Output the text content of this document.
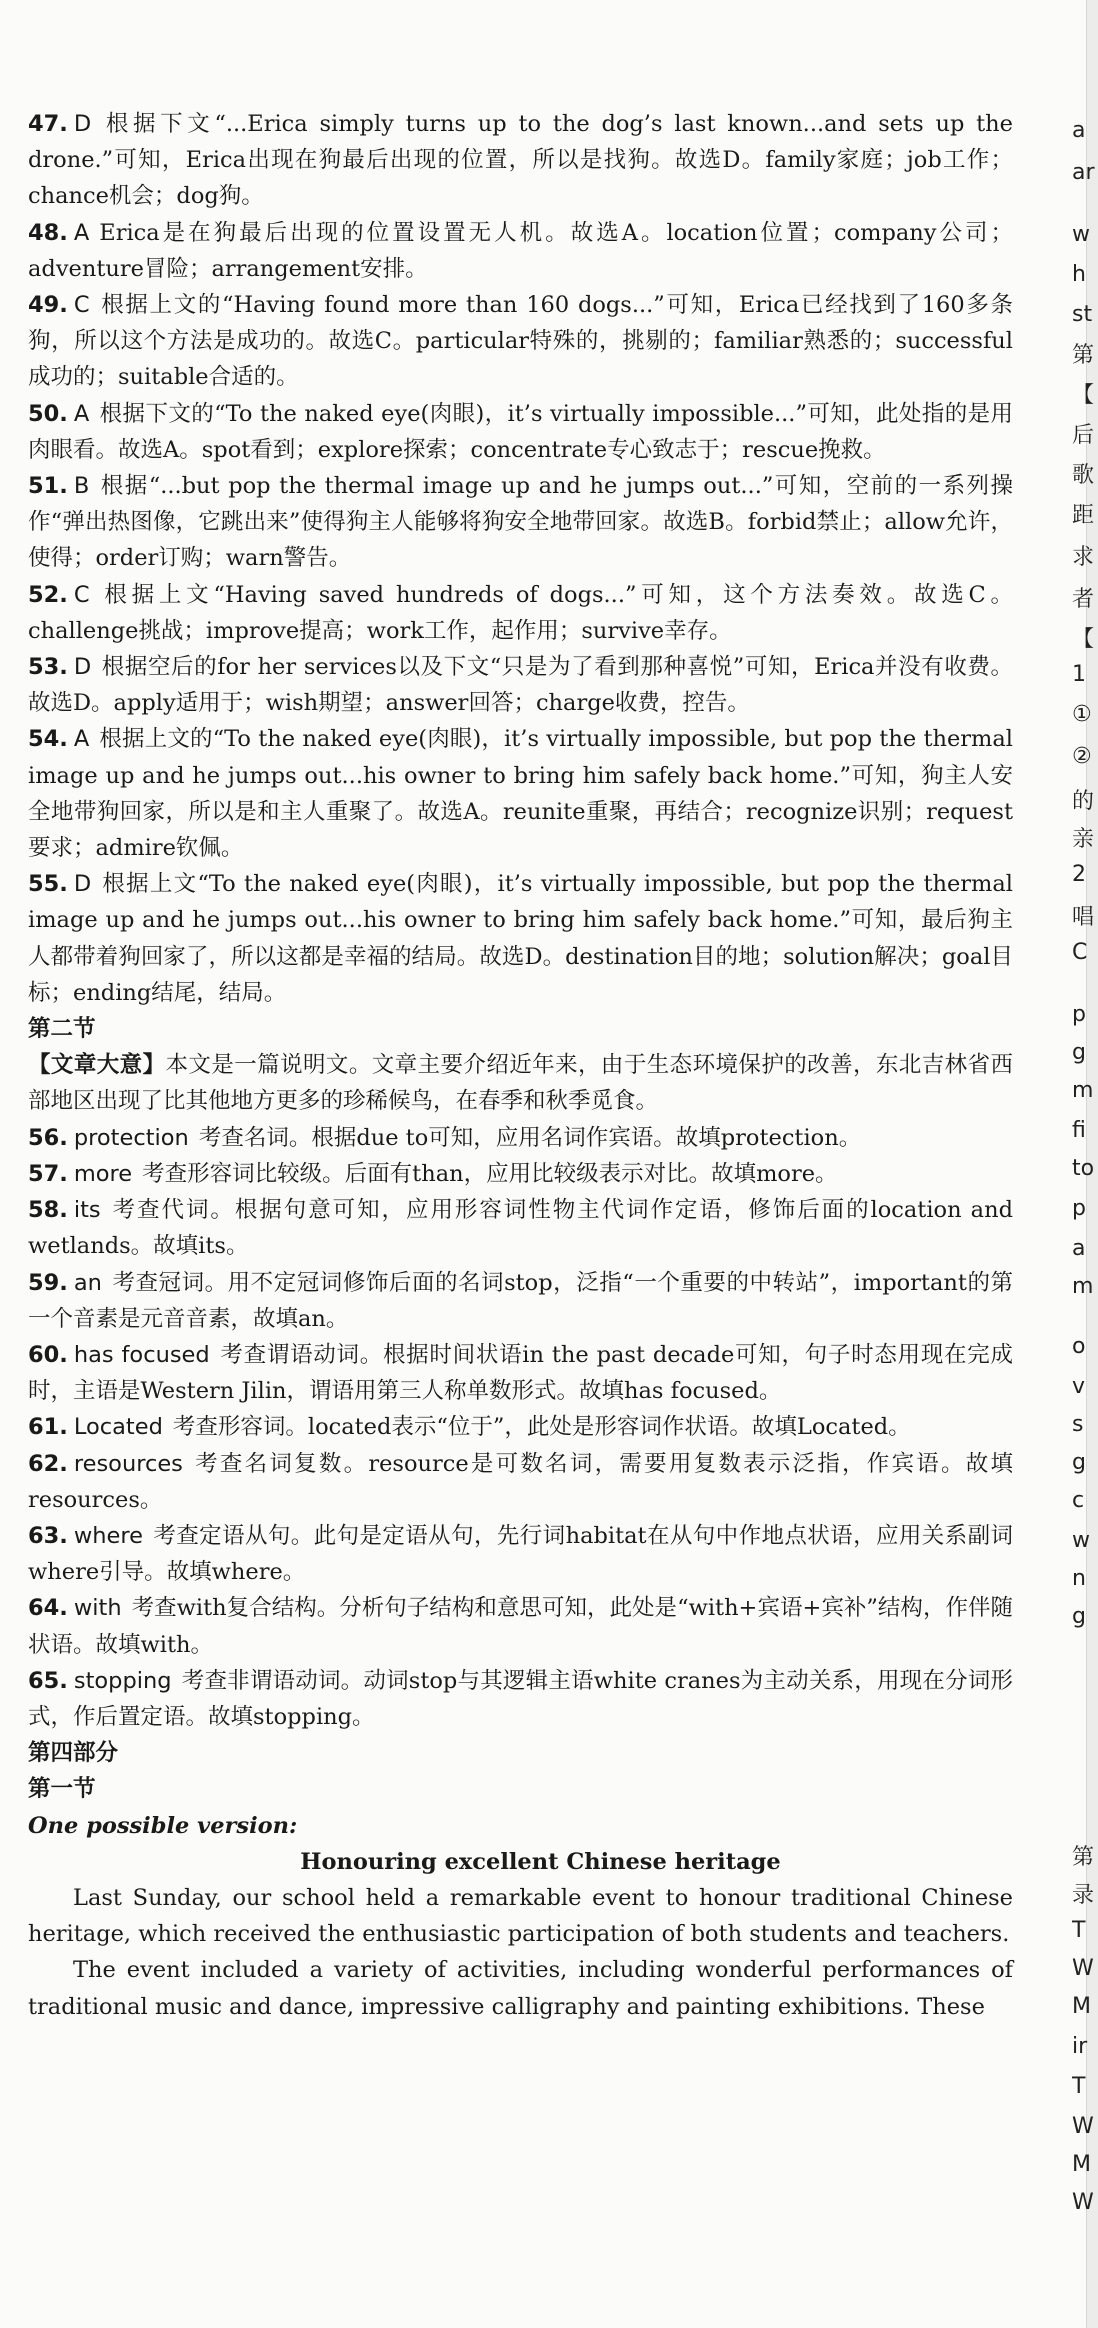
47. D 根据下文“...Erica simply turns up to the dog’s last known...and sets up the drone.”可知，Erica出现在狗最后出现的位置，所以是找狗。故选D。family家庭；job工作；chance机会；dog狗。

48. A Erica是在狗最后出现的位置设置无人机。故选A。location位置；company公司；adventure冒险；arrangement安排。

49. C 根据上文的“Having found more than 160 dogs...”可知，Erica已经找到了160多条狗，所以这个方法是成功的。故选C。particular特殊的，挑剔的；familiar熟悉的；successful成功的；suitable合适的。

50. A 根据下文的“To the naked eye(肉眼)，it’s virtually impossible...”可知，此处指的是用肉眼看。故选A。spot看到；explore探索；concentrate专心致志于；rescue挽救。

51. B 根据“...but pop the thermal image up and he jumps out...”可知，空前的一系列操作“弹出热图像，它跳出来”使得狗主人能够将狗安全地带回家。故选B。forbid禁止；allow允许，使得；order订购；warn警告。

52. C 根据上文“Having saved hundreds of dogs...”可知，这个方法奏效。故选C。challenge挑战；improve提高；work工作，起作用；survive幸存。

53. D 根据空后的for her services以及下文“只是为了看到那种喜悦”可知，Erica并没有收费。故选D。apply适用于；wish期望；answer回答；charge收费，控告。

54. A 根据上文的“To the naked eye(肉眼)，it’s virtually impossible, but pop the thermal image up and he jumps out...his owner to bring him safely back home.”可知，狗主人安全地带狗回家，所以是和主人重聚了。故选A。reunite重聚，再结合；recognize识别；request要求；admire钦佩。

55. D 根据上文“To the naked eye(肉眼)，it’s virtually impossible, but pop the thermal image up and he jumps out...his owner to bring him safely back home.”可知，最后狗主人都带着狗回家了，所以这都是幸福的结局。故选D。destination目的地；solution解决；goal目标；ending结尾，结局。

第二节

【文章大意】本文是一篇说明文。文章主要介绍近年来，由于生态环境保护的改善，东北吉林省西部地区出现了比其他地方更多的珍稀候鸟，在春季和秋季觅食。

56. protection 考查名词。根据due to可知，应用名词作宾语。故填protection。

57. more 考查形容词比较级。后面有than，应用比较级表示对比。故填more。

58. its 考查代词。根据句意可知，应用形容词性物主代词作定语，修饰后面的location and wetlands。故填its。

59. an 考查冠词。用不定冠词修饰后面的名词stop，泛指“一个重要的中转站”，important的第一个音素是元音音素，故填an。

60. has focused 考查谓语动词。根据时间状语in the past decade可知，句子时态用现在完成时，主语是Western Jilin，谓语用第三人称单数形式。故填has focused。

61. Located 考查形容词。located表示“位于”，此处是形容词作状语。故填Located。

62. resources 考查名词复数。resource是可数名词，需要用复数表示泛指，作宾语。故填resources。

63. where 考查定语从句。此句是定语从句，先行词habitat在从句中作地点状语，应用关系副词where引导。故填where。

64. with 考查with复合结构。分析句子结构和意思可知，此处是“with+宾语+宾补”结构，作伴随状语。故填with。

65. stopping 考查非谓语动词。动词stop与其逻辑主语white cranes为主动关系，用现在分词形式，作后置定语。故填stopping。

第四部分

第一节

One possible version:

Honouring excellent Chinese heritage

Last Sunday, our school held a remarkable event to honour traditional Chinese heritage, which received the enthusiastic participation of both students and teachers.

The event included a variety of activities, including wonderful performances of traditional music and dance, impressive calligraphy and painting exhibitions. These

a
ar
w
h
st
第
【
后
歌
距
求
者
【
1
①
②
的
亲
2
唱
C
p
g
m
fi
to
p
a
m
o
v
s
g
c
w
n
g
第
录
T
W
M
ir
T
W
M
W
